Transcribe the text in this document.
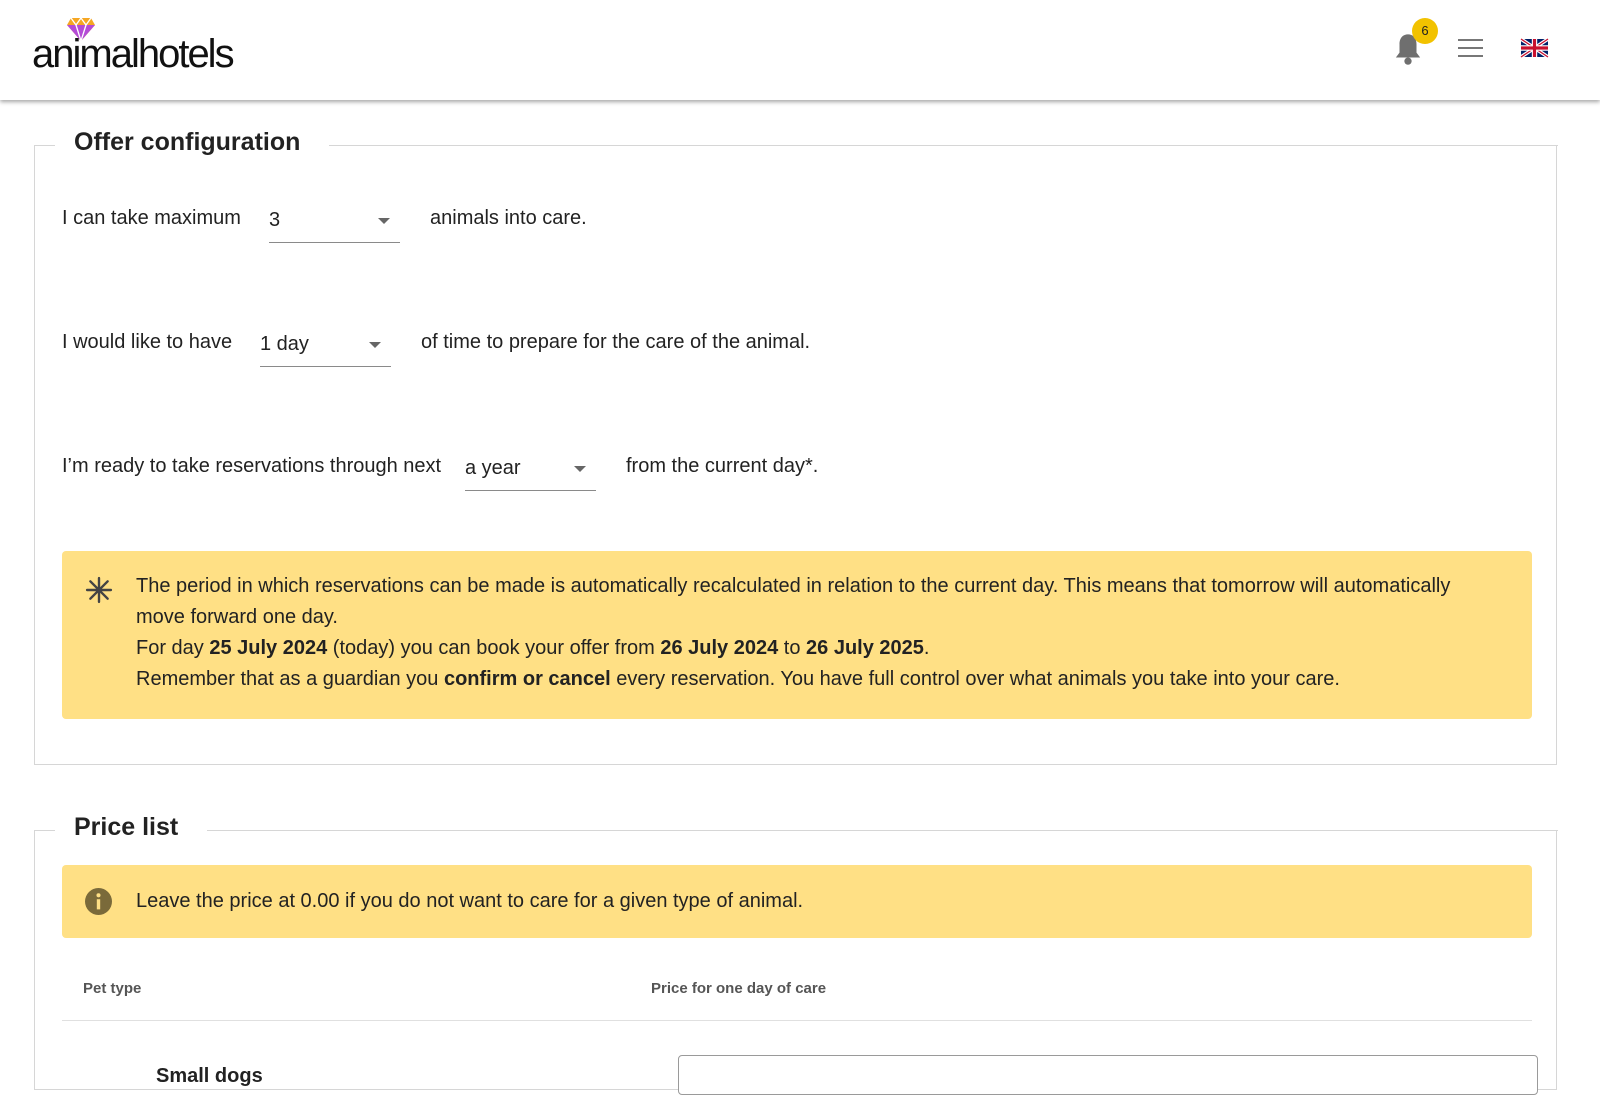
animalhotels
6
Offer configuration
I can take maximum 3	animals into care.
I would like to have 1 day	of time to prepare for the care of the animal.
I’m ready to take reservations through next a year	from the current day*.

The period in which reservations can be made is automatically recalculated in relation to the current day. This means that tomorrow will automatically move forward one day.

For day 25 July 2024 (today) you can book your offer from 26 July 2024 to 26 July 2025.

Remember that as a guardian you confirm or cancel every reservation. You have full control over what animals you take into your care.

Price list

Leave the price at 0.00 if you do not want to care for a given type of animal.

Pet type	Price for one day of care
Small dogs
